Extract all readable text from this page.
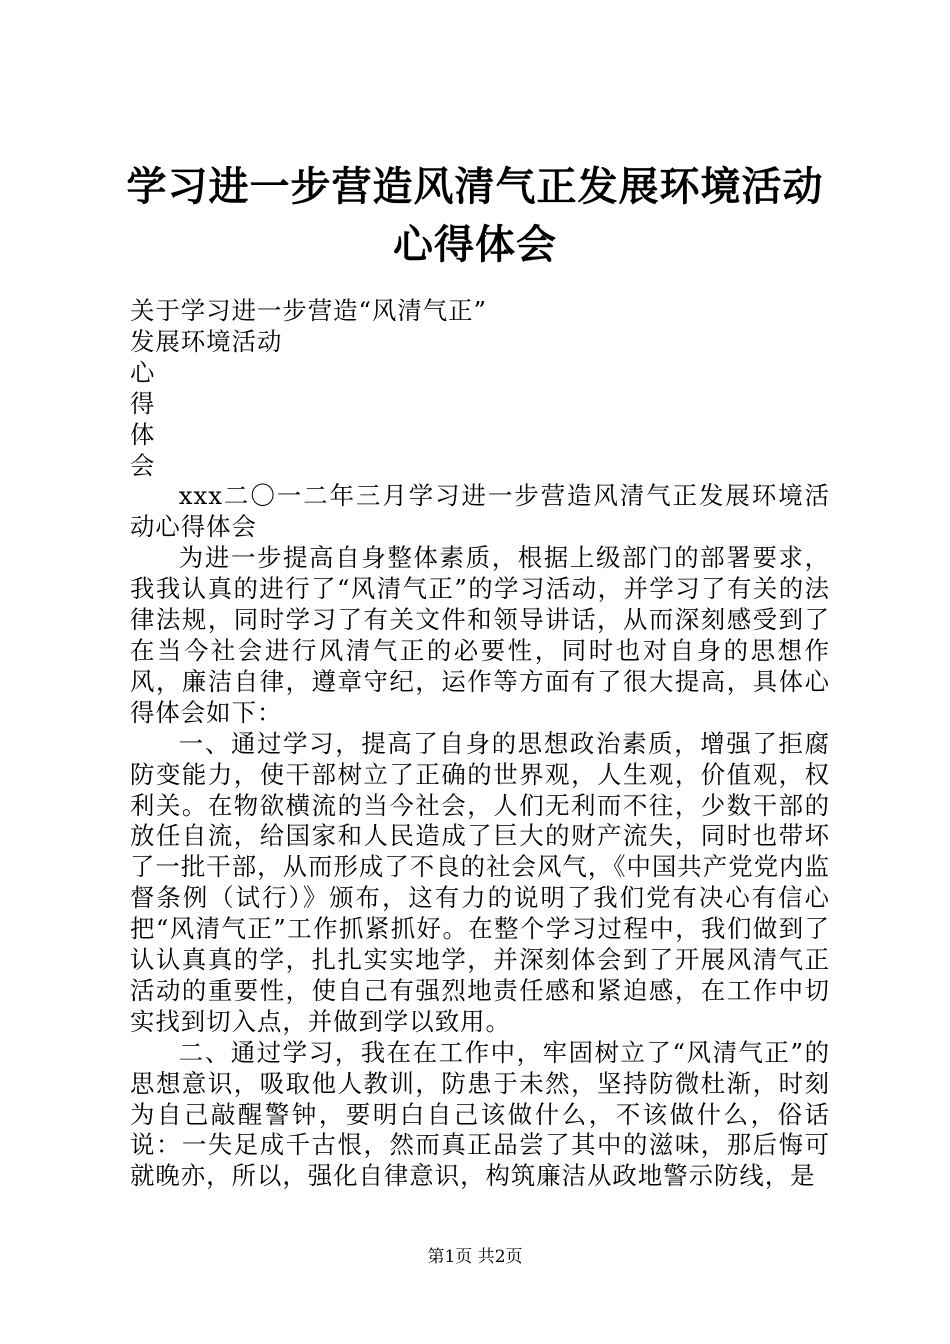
学习进一步营造风清气正发展环境活动心得体会

关于学习进一步营造“风清气正”

发展环境活动

心

得

体

会

xxx二〇一二年三月学习进一步营造风清气正发展环境活动心得体会

为进一步提高自身整体素质，根据上级部门的部署要求，我我认真的进行了“风清气正”的学习活动，并学习了有关的法律法规，同时学习了有关文件和领导讲话，从而深刻感受到了在当今社会进行风清气正的必要性，同时也对自身的思想作风，廉洁自律，遵章守纪，运作等方面有了很大提高，具体心得体会如下：

一、通过学习，提高了自身的思想政治素质，增强了拒腐防变能力，使干部树立了正确的世界观，人生观，价值观，权利关。在物欲横流的当今社会，人们无利而不往，少数干部的放任自流，给国家和人民造成了巨大的财产流失，同时也带坏了一批干部，从而形成了不良的社会风气，《中国共产党党内监督条例（试行）》颁布，这有力的说明了我们党有决心有信心把“风清气正”工作抓紧抓好。在整个学习过程中，我们做到了认认真真的学，扎扎实实地学，并深刻体会到了开展风清气正活动的重要性，使自己有强烈地责任感和紧迫感，在工作中切实找到切入点，并做到学以致用。

二、通过学习，我在在工作中，牢固树立了“风清气正”的思想意识，吸取他人教训，防患于未然，坚持防微杜渐，时刻为自己敲醒警钟，要明白自己该做什么，不该做什么，俗话说：一失足成千古恨，然而真正品尝了其中的滋味，那后悔可就晚亦，所以，强化自律意识，构筑廉洁从政地警示防线，是

第1页 共2页
